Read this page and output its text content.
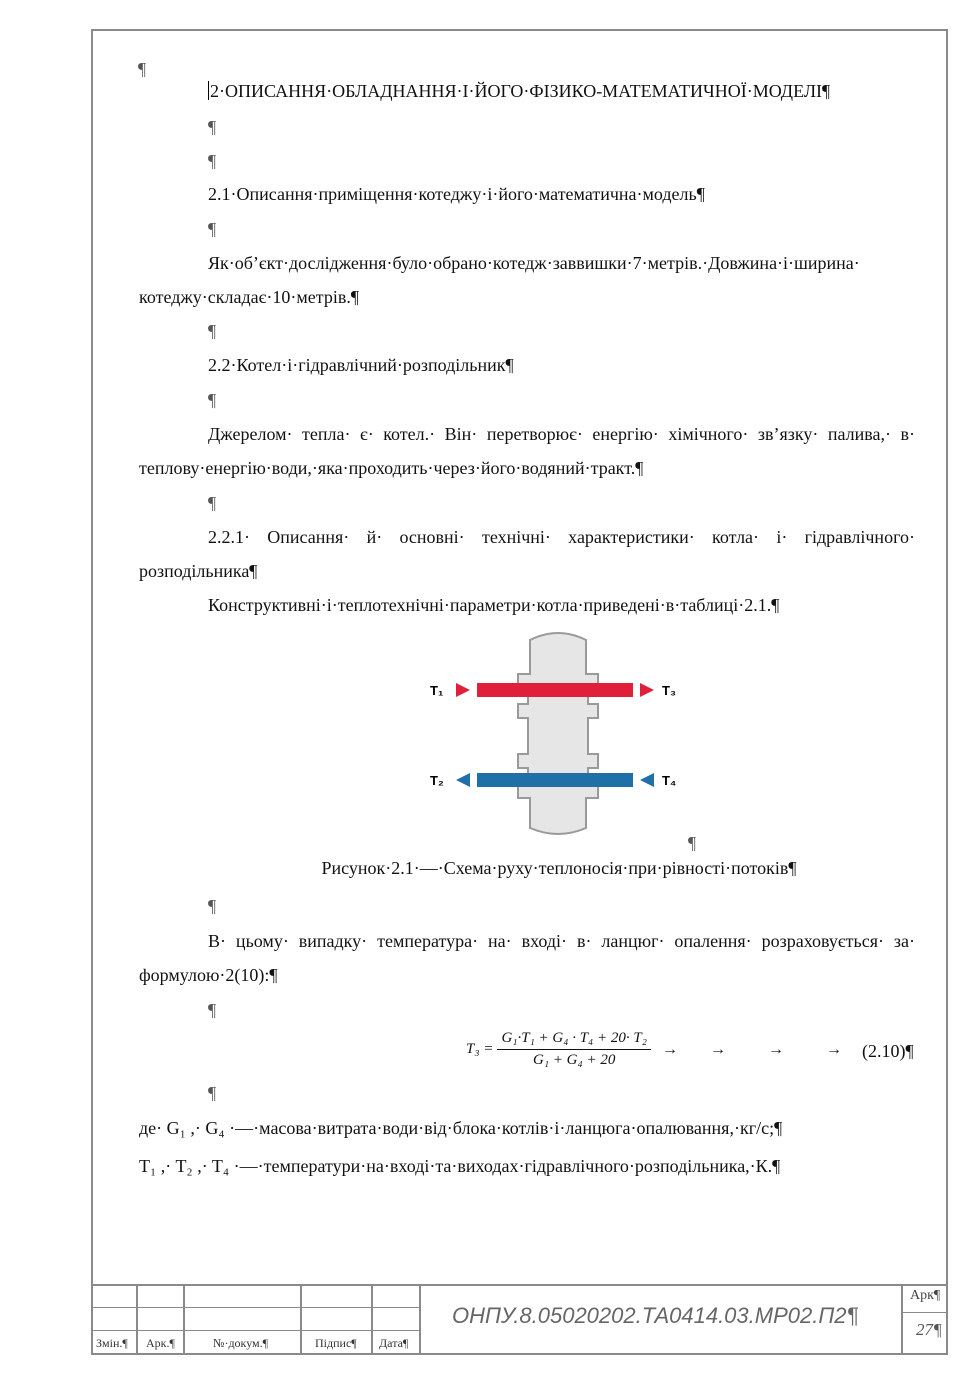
¶
2·ОПИСАННЯ·ОБЛАДНАННЯ·І·ЙОГО·ФІЗИКО-МАТЕМАТИЧНОЇ·МОДЕЛІ¶
¶
¶
2.1·Описання·приміщення·котеджу·і·його·математична·модель¶
¶
Як·об’єкт·дослідження·було·обрано·котедж·заввишки·7·метрів.·Довжина·і·ширина·
котеджу·складає·10·метрів.¶
¶
2.2·Котел·і·гідравлічний·розподільник¶
¶
Джерелом· тепла· є· котел.· Він· перетворює· енергію· хімічного· зв’язку· палива,· в·
теплову·енергію·води,·яка·проходить·через·його·водяний·тракт.¶
¶
2.2.1· Описання· й· основні· технічні· характеристики· котла· і· гідравлічного·
розподільника¶
Конструктивні·і·теплотехнічні·параметри·котла·приведені·в·таблиці·2.1.¶
T₁
T₂
T₃
T₄
¶
Рисунок·2.1·—·Схема·руху·теплоносія·при·рівності·потоків¶
¶
В· цьому· випадку· температура· на· вході· в· ланцюг· опалення· розраховується· за·
формулою·2(10):¶
¶
$T_3 = \frac{\text{G₁·T₁ + G₄ · T₄ + 20· T₂}}{\text{G₁ + G₄ + 20}}$ → →	→	→ (2.10)¶
¶
де· G₁ ,· G₄ ·—·масова·витрата·води·від·блока·котлів·і·ланцюга·опалювання,·кг/с;¶
T₁ ,· T₂ ,· T₄ ·—·температури·на·вході·та·виходах·гідравлічного·розподільника,·К.¶
Змін.¶ Арк.¶	№·докум.¶	Підпис¶ Дата¶
ОНПУ.8.05020202.ТА0414.03.МР02.П2¶
Арк¶
27¶
